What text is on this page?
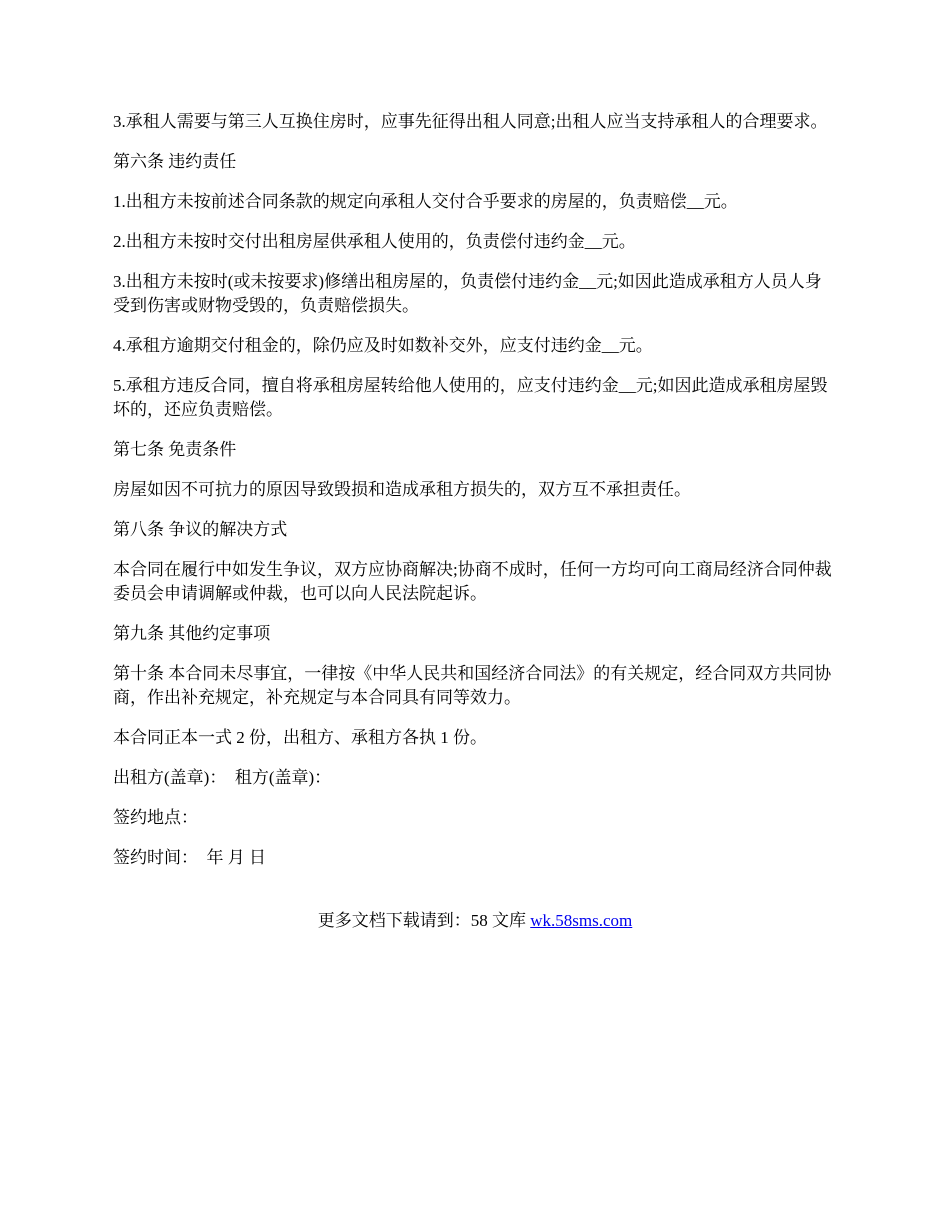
3.承租人需要与第三人互换住房时，应事先征得出租人同意;出租人应当支持承租人的合理要求。

第六条 违约责任

1.出租方未按前述合同条款的规定向承租人交付合乎要求的房屋的，负责赔偿__元。

2.出租方未按时交付出租房屋供承租人使用的，负责偿付违约金__元。

3.出租方未按时(或未按要求)修缮出租房屋的，负责偿付违约金__元;如因此造成承租方人员人身受到伤害或财物受毁的，负责赔偿损失。

4.承租方逾期交付租金的，除仍应及时如数补交外，应支付违约金__元。

5.承租方违反合同，擅自将承租房屋转给他人使用的，应支付违约金__元;如因此造成承租房屋毁坏的，还应负责赔偿。

第七条 免责条件

房屋如因不可抗力的原因导致毁损和造成承租方损失的，双方互不承担责任。

第八条 争议的解决方式

本合同在履行中如发生争议，双方应协商解决;协商不成时，任何一方均可向工商局经济合同仲裁委员会申请调解或仲裁，也可以向人民法院起诉。

第九条 其他约定事项

第十条 本合同未尽事宜，一律按《中华人民共和国经济合同法》的有关规定，经合同双方共同协商，作出补充规定，补充规定与本合同具有同等效力。

本合同正本一式 2 份，出租方、承租方各执 1 份。

出租方(盖章)：  租方(盖章)：

签约地点：

签约时间：  年 月 日

更多文档下载请到：58 文库 wk.58sms.com
